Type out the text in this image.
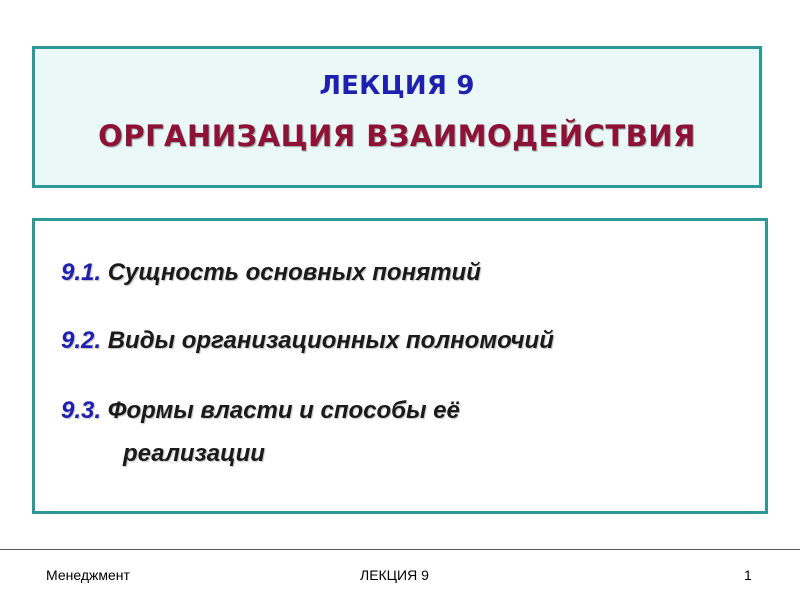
ЛЕКЦИЯ 9
ОРГАНИЗАЦИЯ ВЗАИМОДЕЙСТВИЯ
9.1. Сущность основных понятий
9.2. Виды организационных полномочий
9.3. Формы власти и способы её
реализации
Менеджмент	ЛЕКЦИЯ 9	1
